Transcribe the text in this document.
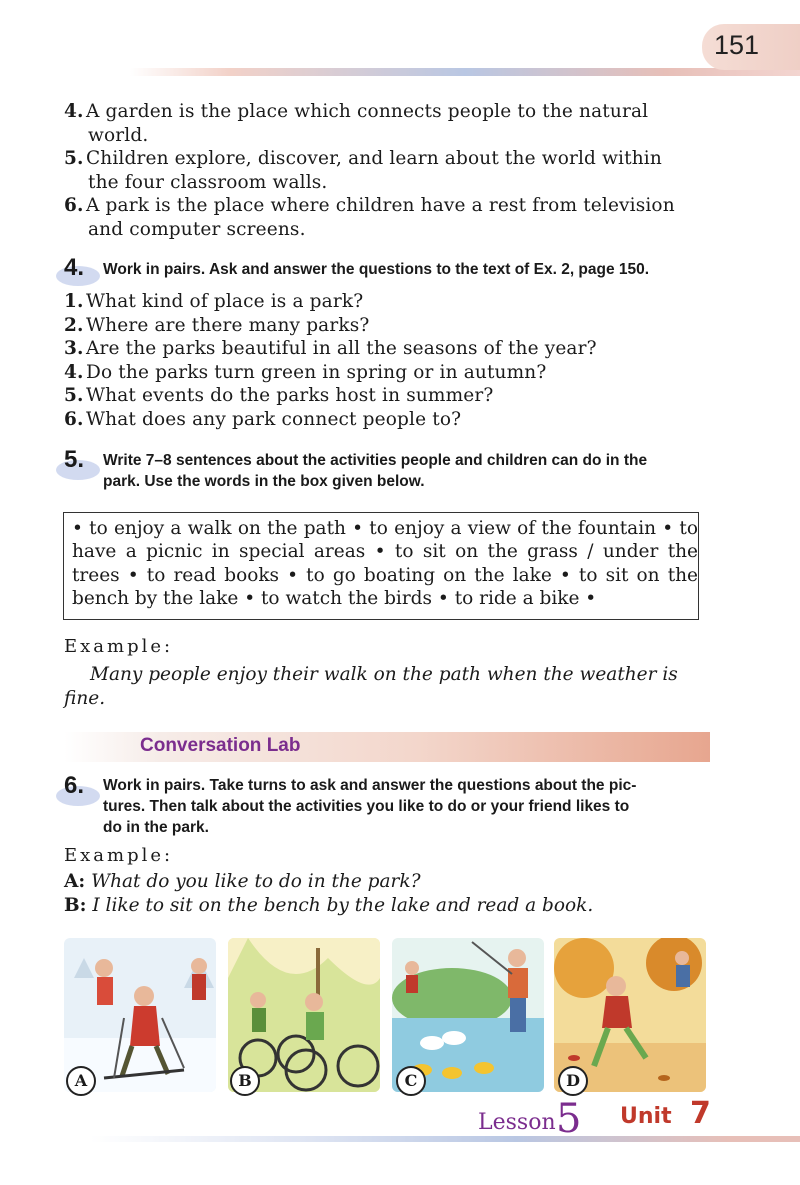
151
4. A garden is the place which connects people to the natural
world.
5. Children explore, discover, and learn about the world within
the four classroom walls.
6. A park is the place where children have a rest from television
and computer screens.
4. Work in pairs. Ask and answer the questions to the text of Ex. 2, page 150.
1. What kind of place is a park?
2. Where are there many parks?
3. Are the parks beautiful in all the seasons of the year?
4. Do the parks turn green in spring or in autumn?
5. What events do the parks host in summer?
6. What does any park connect people to?
5. Write 7–8 sentences about the activities people and children can do in the
park. Use the words in the box given below.
• to enjoy a walk on the path • to enjoy a view of the fountain • to have a picnic in special areas • to sit on the grass / under the trees • to read books • to go boating on the lake • to sit on the bench by the lake • to watch the birds • to ride a bike •
Example:
Many people enjoy their walk on the path when the weather is
fine.
Conversation Lab
6. Work in pairs. Take turns to ask and answer the questions about the pic-
tures. Then talk about the activities you like to do or your friend likes to
do in the park.
Example:
A: What do you like to do in the park?
B: I like to sit on the bench by the lake and read a book.
A	B	C	D
Lesson 5 Unit 7
